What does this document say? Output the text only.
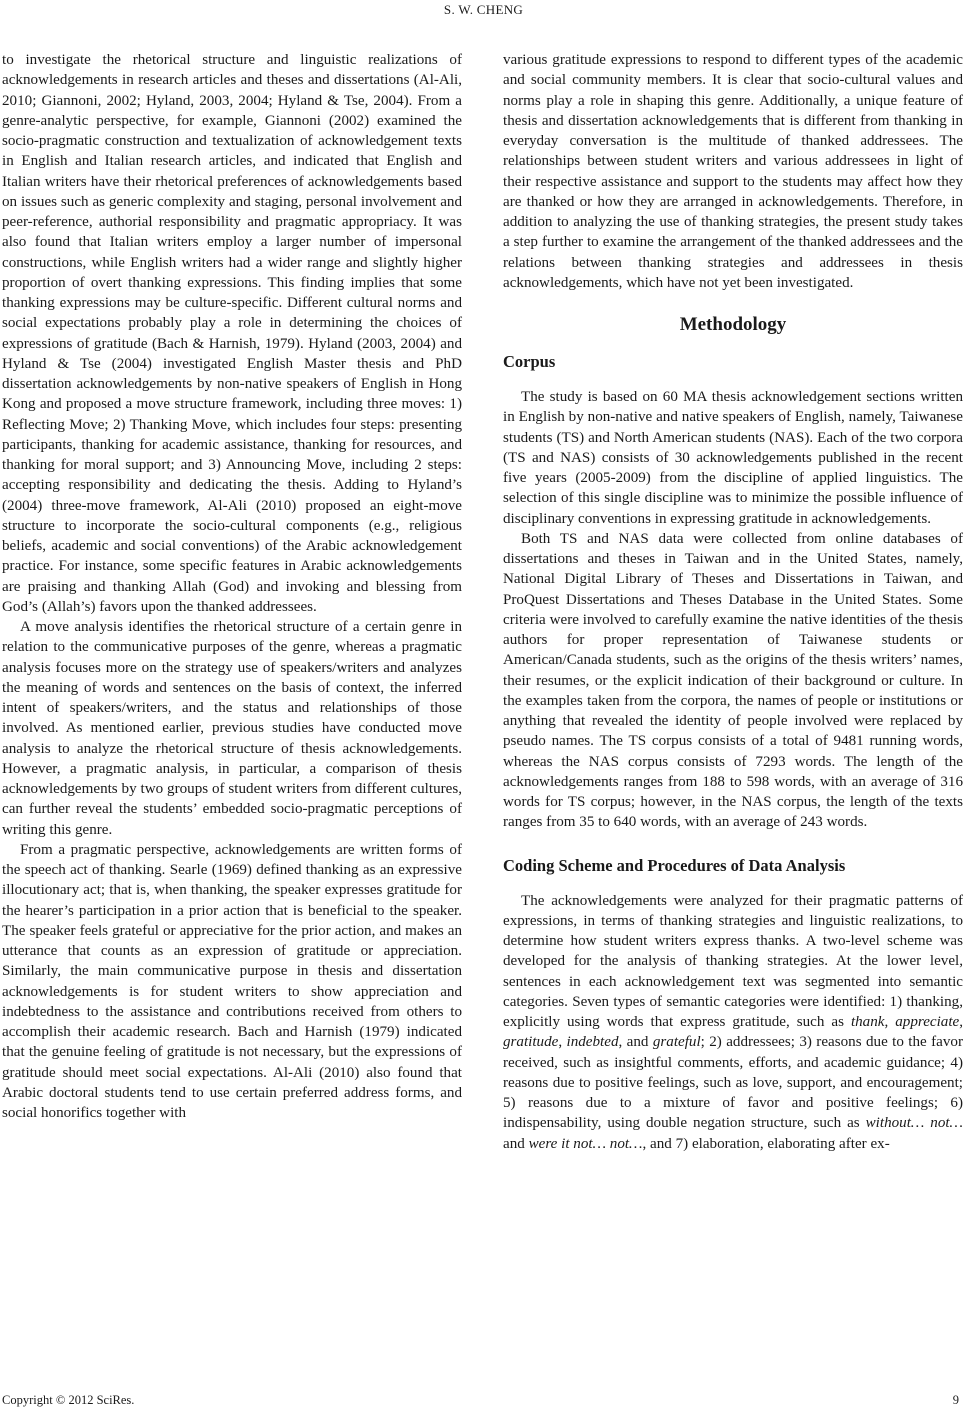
S. W. CHENG

to investigate the rhetorical structure and linguistic realizations of acknowledgements in research articles and theses and dissertations (Al-Ali, 2010; Giannoni, 2002; Hyland, 2003, 2004; Hyland & Tse, 2004). From a genre-analytic perspective, for example, Giannoni (2002) examined the socio-pragmatic construction and textualization of acknowledgement texts in English and Italian research articles, and indicated that English and Italian writers have their rhetorical preferences of acknowledgements based on issues such as generic complexity and staging, personal involvement and peer-reference, authorial responsibility and pragmatic appropriacy. It was also found that Italian writers employ a larger number of impersonal constructions, while English writers had a wider range and slightly higher proportion of overt thanking expressions. This finding implies that some thanking expressions may be culture-specific. Different cultural norms and social expectations probably play a role in determining the choices of expressions of gratitude (Bach & Harnish, 1979). Hyland (2003, 2004) and Hyland & Tse (2004) investigated English Master thesis and PhD dissertation acknowledgements by non-native speakers of English in Hong Kong and proposed a move structure framework, including three moves: 1) Reflecting Move; 2) Thanking Move, which includes four steps: presenting participants, thanking for academic assistance, thanking for resources, and thanking for moral support; and 3) Announcing Move, including 2 steps: accepting responsibility and dedicating the thesis. Adding to Hyland’s (2004) three-move framework, Al-Ali (2010) proposed an eight-move structure to incorporate the socio-cultural components (e.g., religious beliefs, academic and social conventions) of the Arabic acknowledgement practice. For instance, some specific features in Arabic acknowledgements are praising and thanking Allah (God) and invoking and blessing from God’s (Allah’s) favors upon the thanked addressees.

A move analysis identifies the rhetorical structure of a certain genre in relation to the communicative purposes of the genre, whereas a pragmatic analysis focuses more on the strategy use of speakers/writers and analyzes the meaning of words and sentences on the basis of context, the inferred intent of speakers/writers, and the status and relationships of those involved. As mentioned earlier, previous studies have conducted move analysis to analyze the rhetorical structure of thesis acknowledgements. However, a pragmatic analysis, in particular, a comparison of thesis acknowledgements by two groups of student writers from different cultures, can further reveal the students’ embedded socio-pragmatic perceptions of writing this genre.

From a pragmatic perspective, acknowledgements are written forms of the speech act of thanking. Searle (1969) defined thanking as an expressive illocutionary act; that is, when thanking, the speaker expresses gratitude for the hearer’s participation in a prior action that is beneficial to the speaker. The speaker feels grateful or appreciative for the prior action, and makes an utterance that counts as an expression of gratitude or appreciation. Similarly, the main communicative purpose in thesis and dissertation acknowledgements is for student writers to show appreciation and indebtedness to the assistance and contributions received from others to accomplish their academic research. Bach and Harnish (1979) indicated that the genuine feeling of gratitude is not necessary, but the expressions of gratitude should meet social expectations. Al-Ali (2010) also found that Arabic doctoral students tend to use certain preferred address forms, and social honorifics together with

various gratitude expressions to respond to different types of the academic and social community members. It is clear that socio-cultural values and norms play a role in shaping this genre. Additionally, a unique feature of thesis and dissertation acknowledgements that is different from thanking in everyday conversation is the multitude of thanked addressees. The relationships between student writers and various addressees in light of their respective assistance and support to the students may affect how they are thanked or how they are arranged in acknowledgements. Therefore, in addition to analyzing the use of thanking strategies, the present study takes a step further to examine the arrangement of the thanked addressees and the relations between thanking strategies and addressees in thesis acknowledgements, which have not yet been investigated.

Methodology
Corpus

The study is based on 60 MA thesis acknowledgement sections written in English by non-native and native speakers of English, namely, Taiwanese students (TS) and North American students (NAS). Each of the two corpora (TS and NAS) consists of 30 acknowledgements published in the recent five years (2005-2009) from the discipline of applied linguistics. The selection of this single discipline was to minimize the possible influence of disciplinary conventions in expressing gratitude in acknowledgements.

Both TS and NAS data were collected from online databases of dissertations and theses in Taiwan and in the United States, namely, National Digital Library of Theses and Dissertations in Taiwan, and ProQuest Dissertations and Theses Database in the United States. Some criteria were involved to carefully examine the native identities of the thesis authors for proper representation of Taiwanese students or American/Canada students, such as the origins of the thesis writers’ names, their resumes, or the explicit indication of their background or culture. In the examples taken from the corpora, the names of people or institutions or anything that revealed the identity of people involved were replaced by pseudo names. The TS corpus consists of a total of 9481 running words, whereas the NAS corpus consists of 7293 words. The length of the acknowledgements ranges from 188 to 598 words, with an average of 316 words for TS corpus; however, in the NAS corpus, the length of the texts ranges from 35 to 640 words, with an average of 243 words.

Coding Scheme and Procedures of Data Analysis

The acknowledgements were analyzed for their pragmatic patterns of expressions, in terms of thanking strategies and linguistic realizations, to determine how student writers express thanks. A two-level scheme was developed for the analysis of thanking strategies. At the lower level, sentences in each acknowledgement text was segmented into semantic categories. Seven types of semantic categories were identified: 1) thanking, explicitly using words that express gratitude, such as thank, appreciate, gratitude, indebted, and grateful; 2) addressees; 3) reasons due to the favor received, such as insightful comments, efforts, and academic guidance; 4) reasons due to positive feelings, such as love, support, and encouragement; 5) reasons due to a mixture of favor and positive feelings; 6) indispensability, using double negation structure, such as without… not… and were it not… not…, and 7) elaboration, elaborating after ex-

Copyright © 2012 SciRes.	9
